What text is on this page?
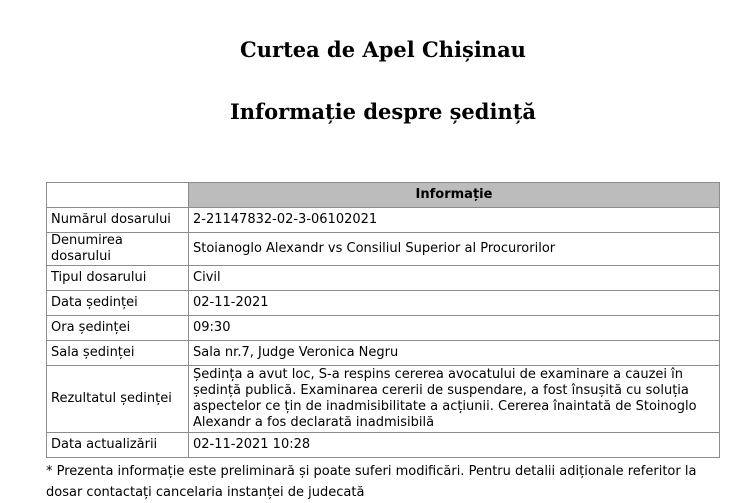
Curtea de Apel Chișinau
Informație despre ședință
	Informație
Numărul dosarului	2-21147832-02-3-06102021
Denumirea dosarului	Stoianoglo Alexandr vs Consiliul Superior al Procurorilor
Tipul dosarului	Civil
Data ședinței	02-11-2021
Ora ședinței	09:30
Sala ședinței	Sala nr.7, Judge Veronica Negru
Rezultatul ședinței	Ședința a avut loc, S-a respins cererea avocatului de examinare a cauzei în ședință publică. Examinarea cererii de suspendare, a fost însușită cu soluția aspectelor ce țin de inadmisibilitate a acțiunii. Cererea înaintată de Stoinoglo Alexandr a fos declarată inadmisibilă
Data actualizării	02-11-2021 10:28
* Prezenta informație este preliminară și poate suferi modificări. Pentru detalii adiționale referitor la dosar contactați cancelaria instanței de judecată
